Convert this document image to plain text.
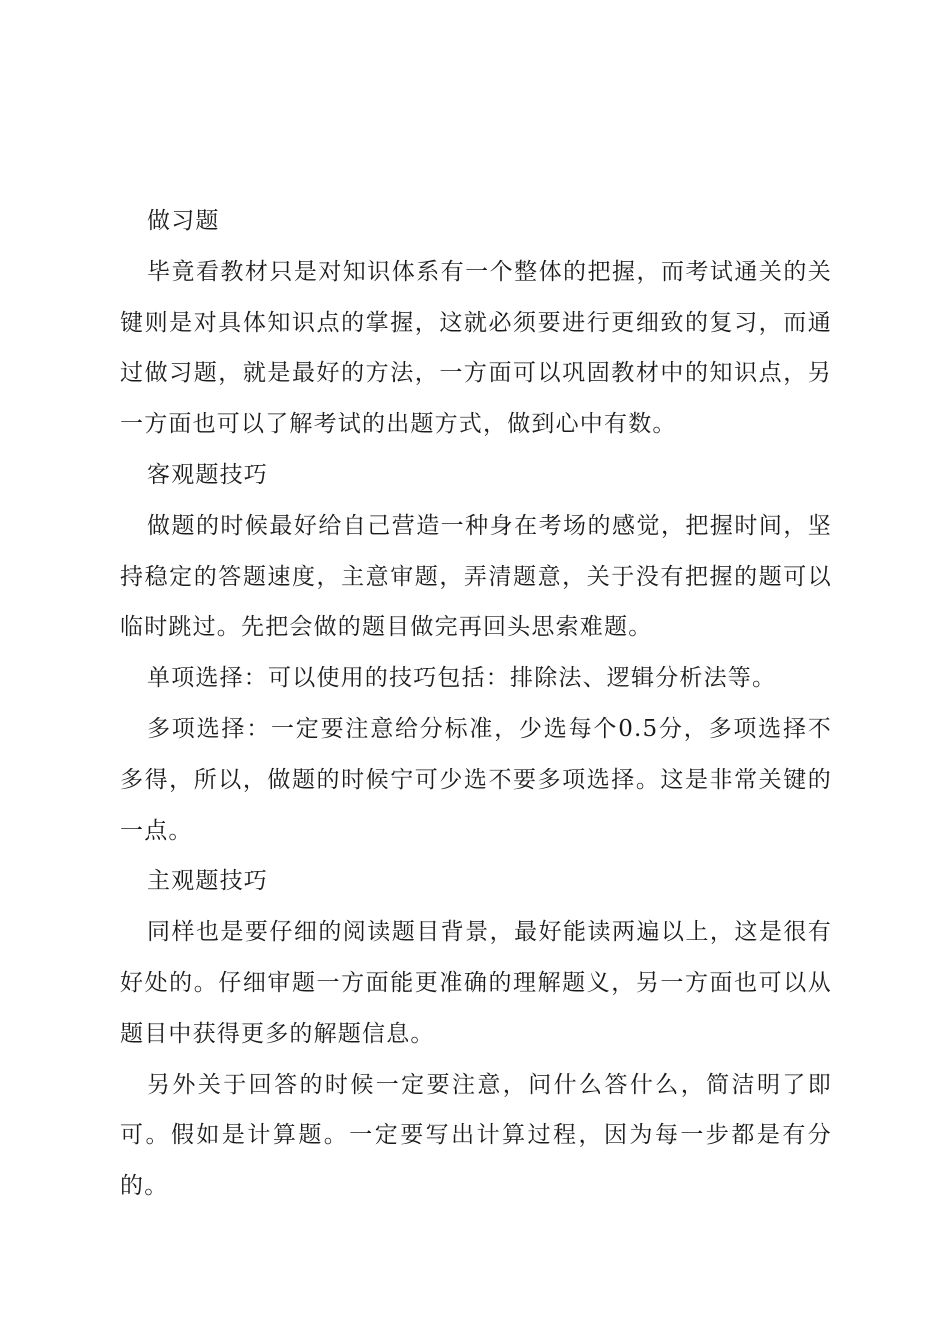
做习题

毕竟看教材只是对知识体系有一个整体的把握，而考试通关的关键则是对具体知识点的掌握，这就必须要进行更细致的复习，而通过做习题，就是最好的方法，一方面可以巩固教材中的知识点，另一方面也可以了解考试的出题方式，做到心中有数。

客观题技巧

做题的时候最好给自己营造一种身在考场的感觉，把握时间，坚持稳定的答题速度，主意审题，弄清题意，关于没有把握的题可以临时跳过。先把会做的题目做完再回头思索难题。

单项选择：可以使用的技巧包括：排除法、逻辑分析法等。

多项选择：一定要注意给分标准，少选每个0.5分，多项选择不多得，所以，做题的时候宁可少选不要多项选择。这是非常关键的一点。

主观题技巧

同样也是要仔细的阅读题目背景，最好能读两遍以上，这是很有好处的。仔细审题一方面能更准确的理解题义，另一方面也可以从题目中获得更多的解题信息。

另外关于回答的时候一定要注意，问什么答什么，简洁明了即可。假如是计算题。一定要写出计算过程，因为每一步都是有分的。
